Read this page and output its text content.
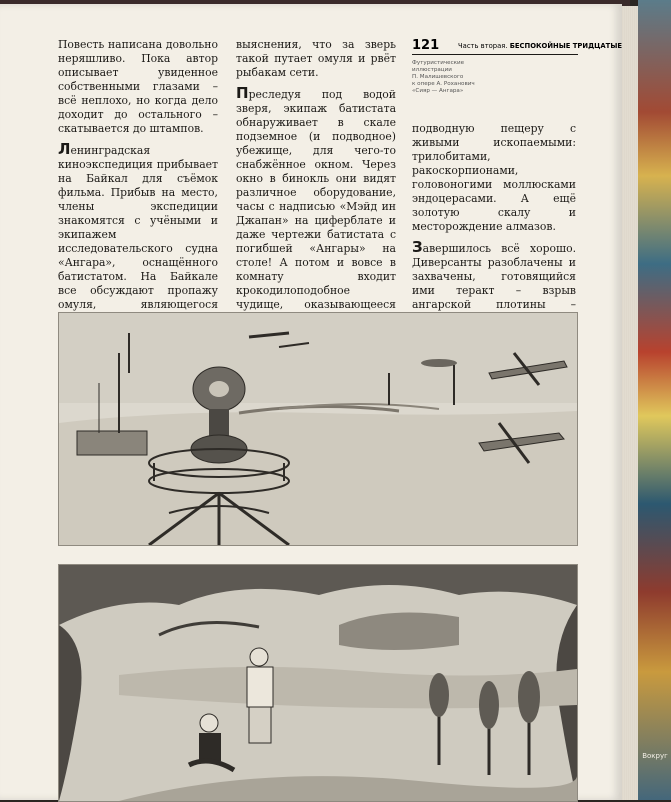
Вокруг

Повесть написана довольно неряшливо. Пока автор описывает увиденное собственными глазами – всё неплохо, но когда дело доходит до остального – скатывается до штампов.

Ленинградская киноэкспедиция прибывает на Байкал для съёмок фильма. Прибыв на место, члены экспедиции знакомятся с учёными и экипажем исследовательского судна «Ангара», оснащённого батистатом. На Байкале все обсуждают пропажу омуля, являющегося

выяснения, что за зверь такой путает омуля и рвёт рыбакам сети.

Преследуя под водой зверя, экипаж батистата обнаруживает в скале подземное (и подводное) убежище, для чего-то снабжённое окном. Через окно в бинокль они видят различное оборудование, часы с надписью «Мэйд ин Джапан» на циферблате и даже чертежи батистата с погибшей «Ангары» на столе! А потом и вовсе в комнату входит крокодилоподобное чудище, оказывающееся

121	Часть вторая. БЕСПОКОЙНЫЕ ТРИДЦАТЫЕ
Футуристические
иллюстрации
П. Малишевского
к опере А. Роханович
«Сияр — Ангара»

подводную пещеру с живыми ископаемыми: трилобитами, ракоскорпионами, головоногими моллюсками эндоцерасами. А ещё золотую скалу и месторождение алмазов.

Завершилось всё хорошо. Диверсанты разоблачены и захвачены, готовящийся ими теракт – взрыв ангарской плотины –
